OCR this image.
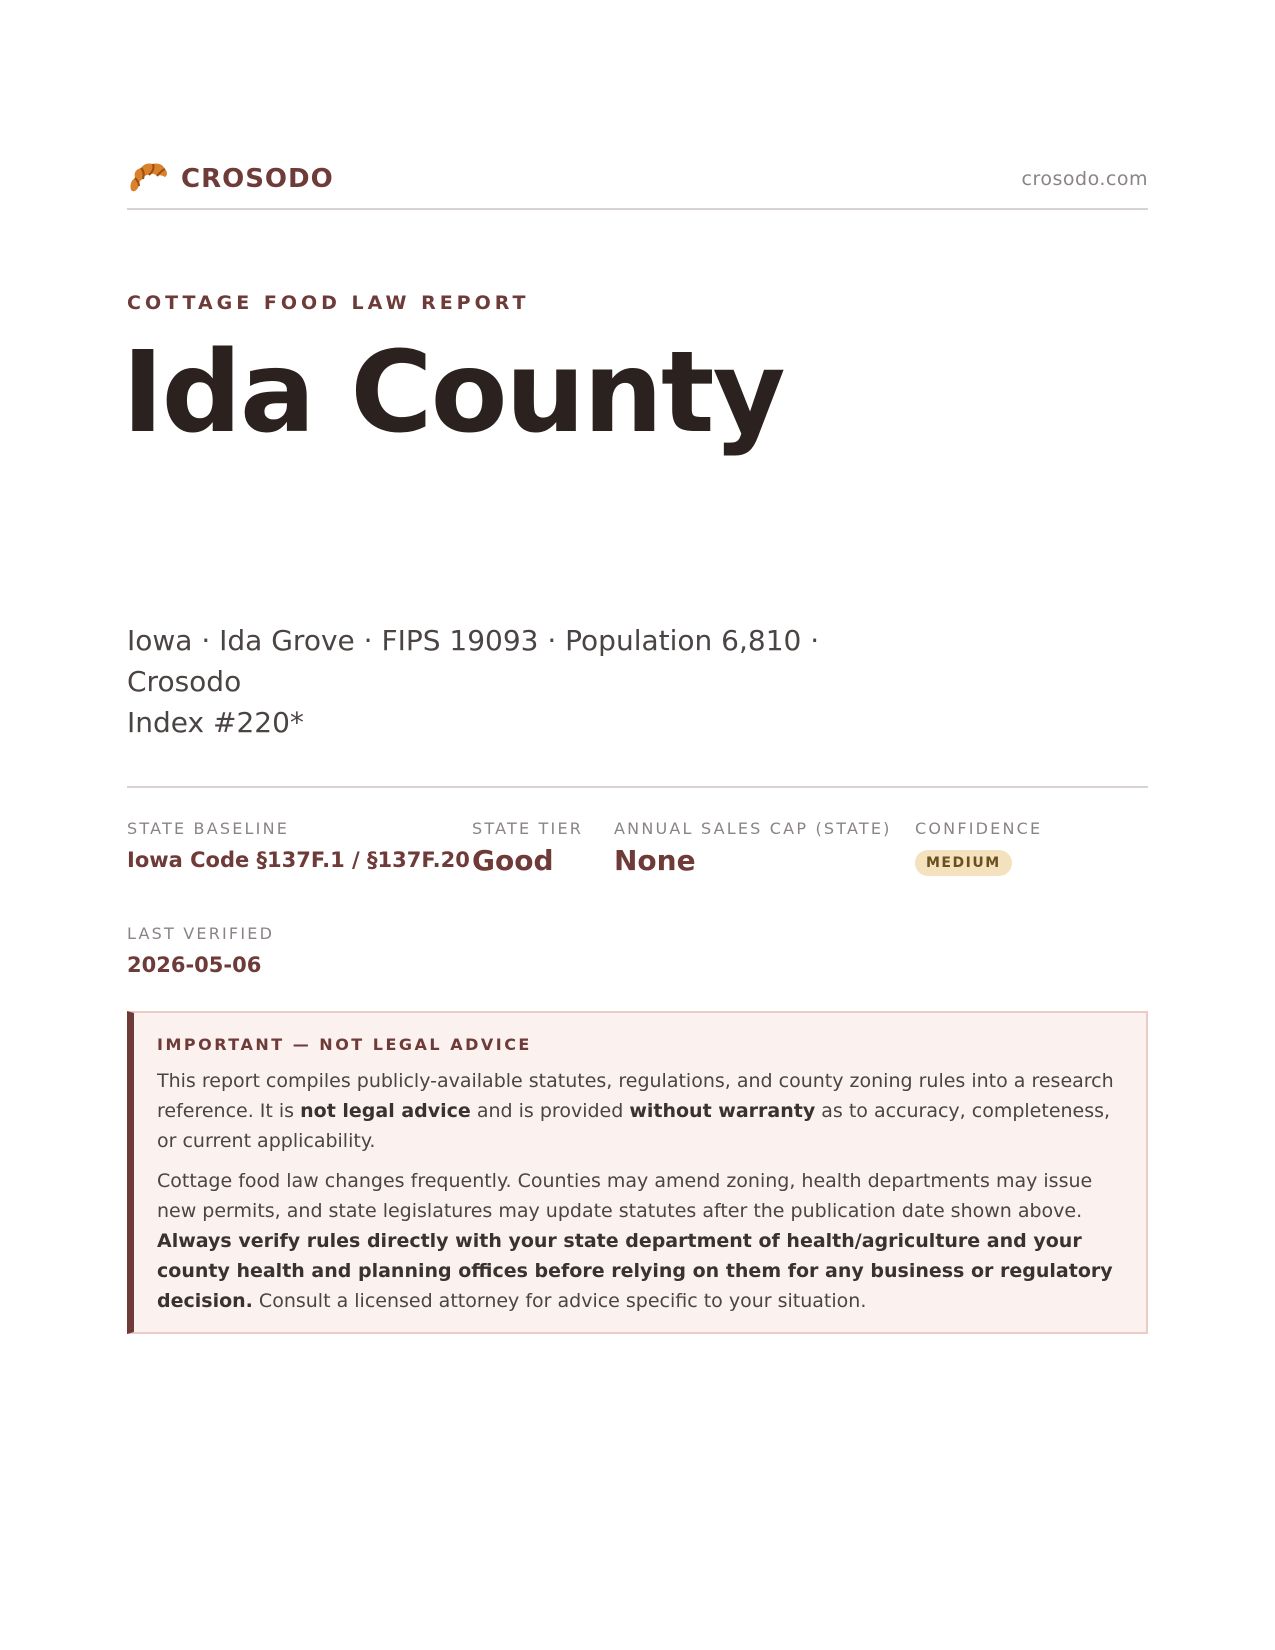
CROSODO	crosodo.com
COTTAGE FOOD LAW REPORT
Ida County
Iowa · Ida Grove · FIPS 19093 · Population 6,810 · Crosodo
Index #220*
STATE BASELINE
Iowa Code §137F.1 / §137F.20
STATE TIER
Good
ANNUAL SALES CAP (STATE)
None
CONFIDENCE
MEDIUM
LAST VERIFIED
2026-05-06
IMPORTANT — NOT LEGAL ADVICE

This report compiles publicly-available statutes, regulations, and county zoning rules into a research reference. It is not legal advice and is provided without warranty as to accuracy, completeness, or current applicability.

Cottage food law changes frequently. Counties may amend zoning, health departments may issue new permits, and state legislatures may update statutes after the publication date shown above. Always verify rules directly with your state department of health/agriculture and your county health and planning offices before relying on them for any business or regulatory decision. Consult a licensed attorney for advice specific to your situation.
